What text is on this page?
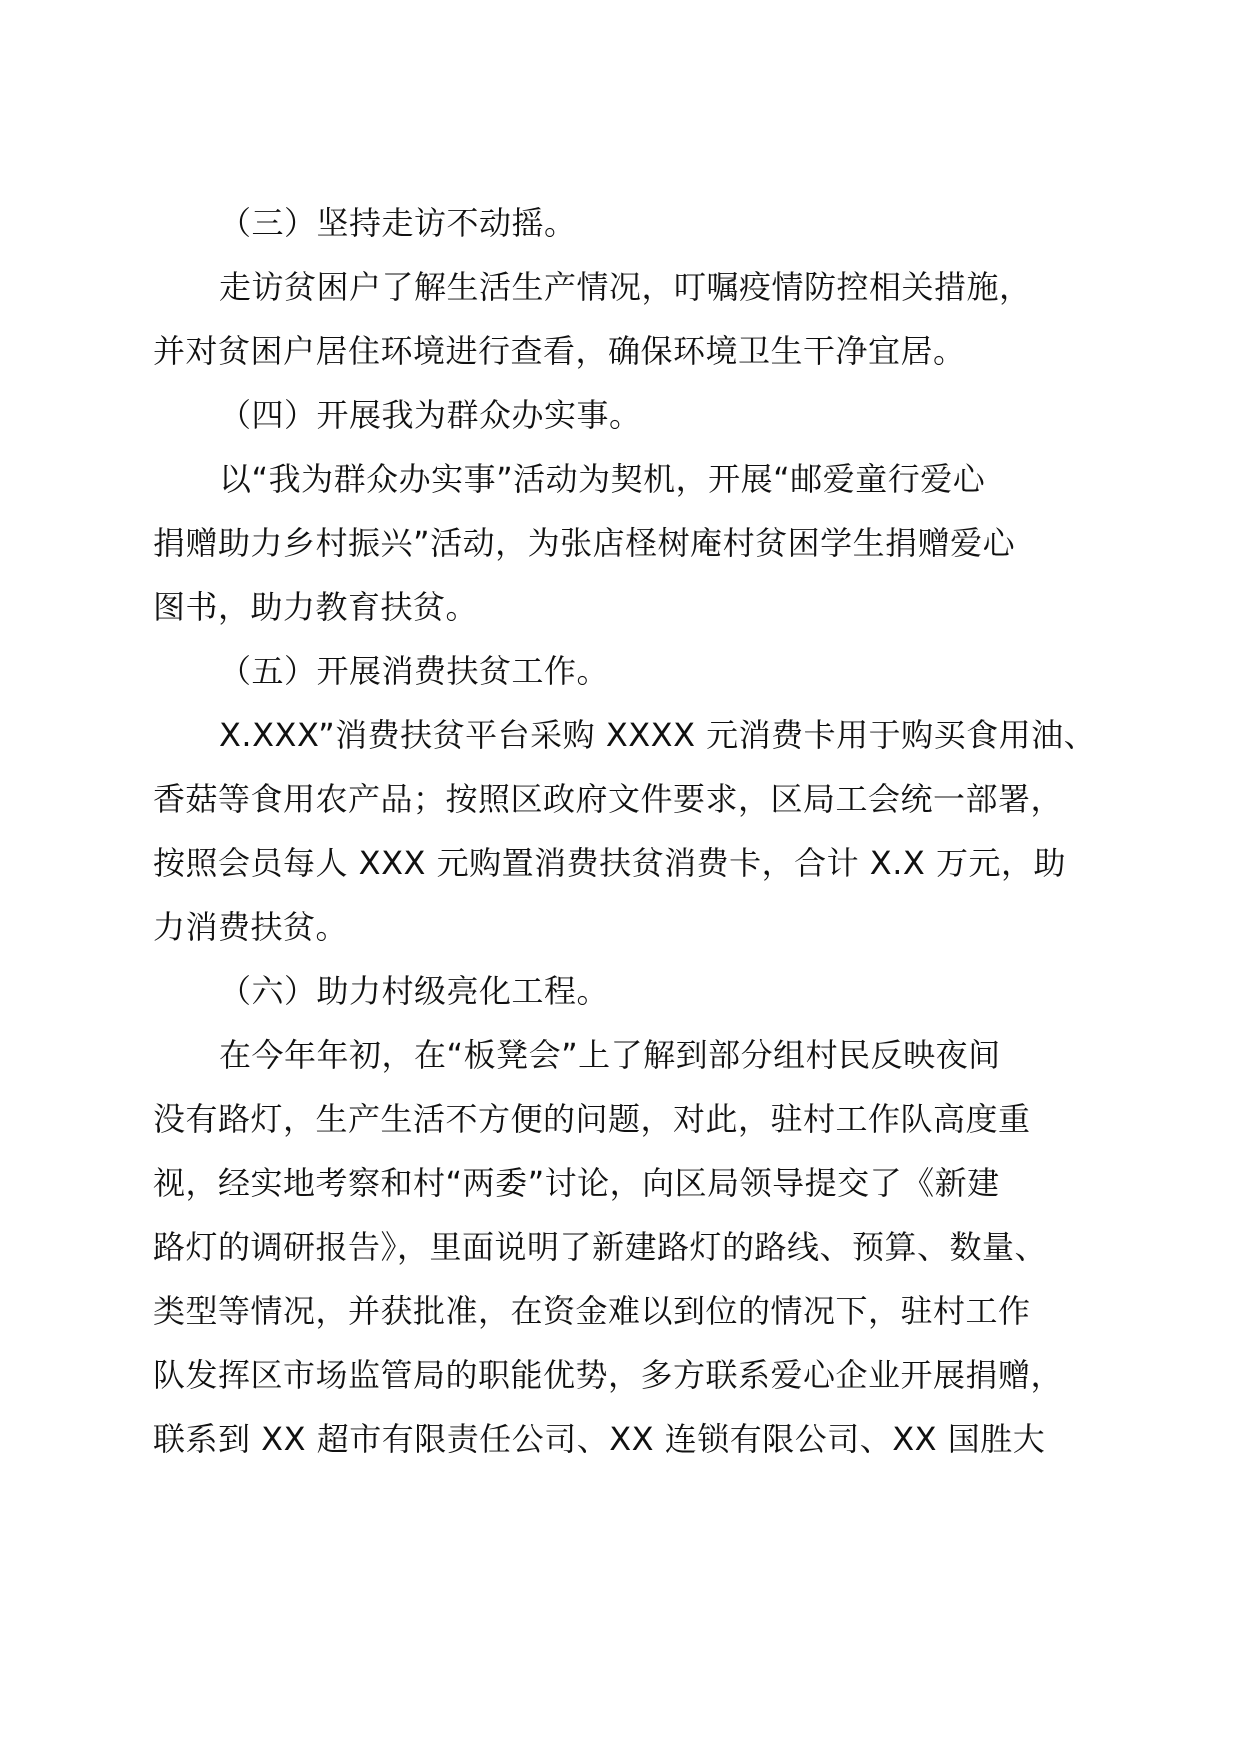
（三）坚持走访不动摇。
走访贫困户了解生活生产情况，叮嘱疫情防控相关措施，
并对贫困户居住环境进行查看，确保环境卫生干净宜居。
（四）开展我为群众办实事。
以“我为群众办实事”活动为契机，开展“邮爱童行爱心
捐赠助力乡村振兴”活动，为张店柽树庵村贫困学生捐赠爱心
图书，助力教育扶贫。
（五）开展消费扶贫工作。
X.XXX”消费扶贫平台采购 XXXX 元消费卡用于购买食用油、
香菇等食用农产品；按照区政府文件要求，区局工会统一部署，
按照会员每人 XXX 元购置消费扶贫消费卡，合计 X.X 万元，助
力消费扶贫。
（六）助力村级亮化工程。
在今年年初，在“板凳会”上了解到部分组村民反映夜间
没有路灯，生产生活不方便的问题，对此，驻村工作队高度重
视，经实地考察和村“两委”讨论，向区局领导提交了《新建
路灯的调研报告》，里面说明了新建路灯的路线、预算、数量、
类型等情况，并获批准，在资金难以到位的情况下，驻村工作
队发挥区市场监管局的职能优势，多方联系爱心企业开展捐赠，
联系到 XX 超市有限责任公司、XX 连锁有限公司、XX 国胜大
